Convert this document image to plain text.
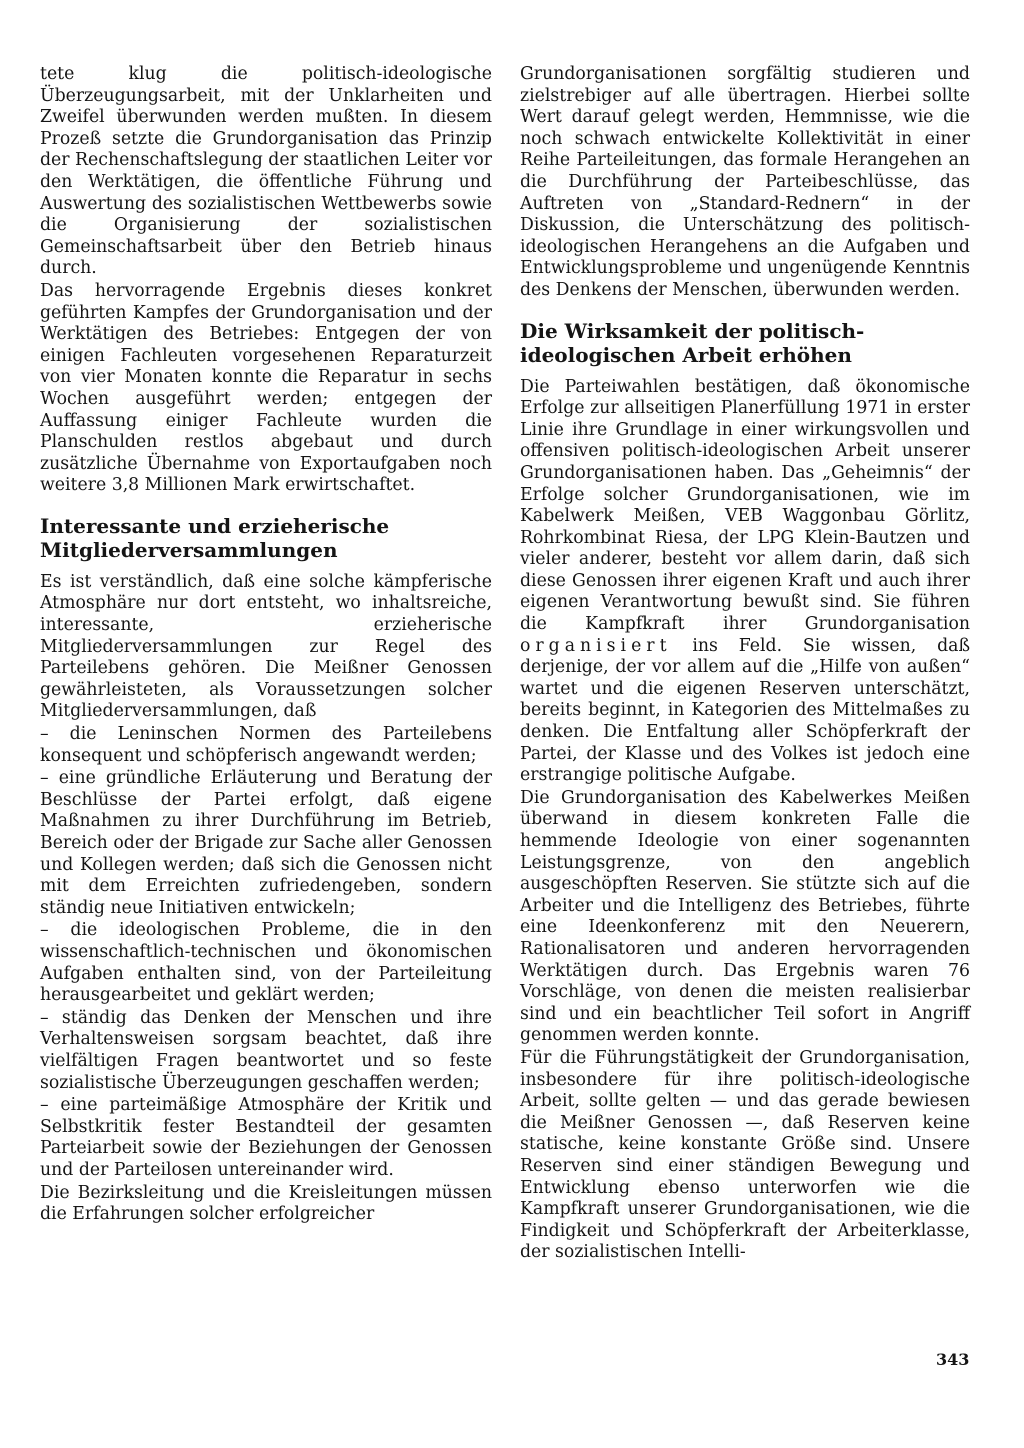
tete klug die politisch-ideologische Überzeugungsarbeit, mit der Unklarheiten und Zweifel überwunden werden mußten. In diesem Prozeß setzte die Grundorganisation das Prinzip der Rechenschaftslegung der staatlichen Leiter vor den Werktätigen, die öffentliche Führung und Auswertung des sozialistischen Wettbewerbs sowie die Organisierung der sozialistischen Gemeinschaftsarbeit über den Betrieb hinaus durch.

Das hervorragende Ergebnis dieses konkret geführten Kampfes der Grundorganisation und der Werktätigen des Betriebes: Entgegen der von einigen Fachleuten vorgesehenen Reparaturzeit von vier Monaten konnte die Reparatur in sechs Wochen ausgeführt werden; entgegen der Auffassung einiger Fachleute wurden die Planschulden restlos abgebaut und durch zusätzliche Übernahme von Exportaufgaben noch weitere 3,8 Millionen Mark erwirtschaftet.

Interessante und erzieherische Mitgliederversammlungen

Es ist verständlich, daß eine solche kämpferische Atmosphäre nur dort entsteht, wo inhaltsreiche, interessante, erzieherische Mitgliederversammlungen zur Regel des Parteilebens gehören. Die Meißner Genossen gewährleisteten, als Voraussetzungen solcher Mitgliederversammlungen, daß

– die Leninschen Normen des Parteilebens konsequent und schöpferisch angewandt werden;

– eine gründliche Erläuterung und Beratung der Beschlüsse der Partei erfolgt, daß eigene Maßnahmen zu ihrer Durchführung im Betrieb, Bereich oder der Brigade zur Sache aller Genossen und Kollegen werden; daß sich die Genossen nicht mit dem Erreichten zufriedengeben, sondern ständig neue Initiativen entwickeln;

– die ideologischen Probleme, die in den wissenschaftlich-technischen und ökonomischen Aufgaben enthalten sind, von der Parteileitung herausgearbeitet und geklärt werden;

– ständig das Denken der Menschen und ihre Verhaltensweisen sorgsam beachtet, daß ihre vielfältigen Fragen beantwortet und so feste sozialistische Überzeugungen geschaffen werden;

– eine parteimäßige Atmosphäre der Kritik und Selbstkritik fester Bestandteil der gesamten Parteiarbeit sowie der Beziehungen der Genossen und der Parteilosen untereinander wird.

Die Bezirksleitung und die Kreisleitungen müssen die Erfahrungen solcher erfolgreicher

Grundorganisationen sorgfältig studieren und zielstrebiger auf alle übertragen. Hierbei sollte Wert darauf gelegt werden, Hemmnisse, wie die noch schwach entwickelte Kollektivität in einer Reihe Parteileitungen, das formale Herangehen an die Durchführung der Parteibeschlüsse, das Auftreten von „Standard-Rednern“ in der Diskussion, die Unterschätzung des politisch-ideologischen Herangehens an die Aufgaben und Entwicklungsprobleme und ungenügende Kenntnis des Denkens der Menschen, überwunden werden.

Die Wirksamkeit der politisch-ideologischen Arbeit erhöhen

Die Parteiwahlen bestätigen, daß ökonomische Erfolge zur allseitigen Planerfüllung 1971 in erster Linie ihre Grundlage in einer wirkungsvollen und offensiven politisch-ideologischen Arbeit unserer Grundorganisationen haben. Das „Geheimnis“ der Erfolge solcher Grundorganisationen, wie im Kabelwerk Meißen, VEB Waggonbau Görlitz, Rohrkombinat Riesa, der LPG Klein-Bautzen und vieler anderer, besteht vor allem darin, daß sich diese Genossen ihrer eigenen Kraft und auch ihrer eigenen Verantwortung bewußt sind. Sie führen die Kampfkraft ihrer Grundorganisation organisiert ins Feld. Sie wissen, daß derjenige, der vor allem auf die „Hilfe von außen“ wartet und die eigenen Reserven unterschätzt, bereits beginnt, in Kategorien des Mittelmaßes zu denken. Die Entfaltung aller Schöpferkraft der Partei, der Klasse und des Volkes ist jedoch eine erstrangige politische Aufgabe.

Die Grundorganisation des Kabelwerkes Meißen überwand in diesem konkreten Falle die hemmende Ideologie von einer sogenannten Leistungsgrenze, von den angeblich ausgeschöpften Reserven. Sie stützte sich auf die Arbeiter und die Intelligenz des Betriebes, führte eine Ideenkonferenz mit den Neuerern, Rationalisatoren und anderen hervorragenden Werktätigen durch. Das Ergebnis waren 76 Vorschläge, von denen die meisten realisierbar sind und ein beachtlicher Teil sofort in Angriff genommen werden konnte.

Für die Führungstätigkeit der Grundorganisation, insbesondere für ihre politisch-ideologische Arbeit, sollte gelten — und das gerade bewiesen die Meißner Genossen —, daß Reserven keine statische, keine konstante Größe sind. Unsere Reserven sind einer ständigen Bewegung und Entwicklung ebenso unterworfen wie die Kampfkraft unserer Grundorganisationen, wie die Findigkeit und Schöpferkraft der Arbeiterklasse, der sozialistischen Intelli-

343
